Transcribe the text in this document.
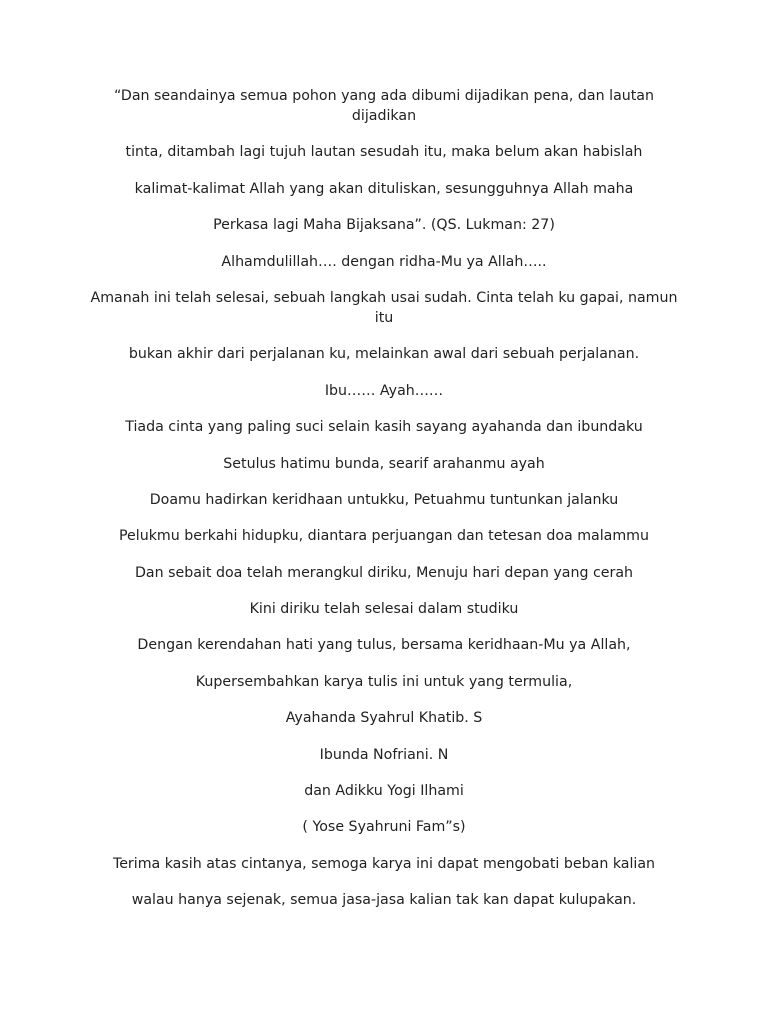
“Dan seandainya semua pohon yang ada dibumi dijadikan pena, dan lautan dijadikan

tinta, ditambah lagi tujuh lautan sesudah itu, maka belum akan habislah

kalimat-kalimat Allah yang akan dituliskan, sesungguhnya Allah maha

Perkasa lagi Maha Bijaksana”. (QS. Lukman: 27)

Alhamdulillah…. dengan ridha-Mu ya Allah…..

Amanah ini telah selesai, sebuah langkah usai sudah. Cinta telah ku gapai, namun itu

bukan akhir dari perjalanan ku, melainkan awal dari sebuah perjalanan.

Ibu…… Ayah……

Tiada cinta yang paling suci selain kasih sayang ayahanda dan ibundaku

Setulus hatimu bunda, searif arahanmu ayah

Doamu hadirkan keridhaan untukku, Petuahmu tuntunkan jalanku

Pelukmu berkahi hidupku, diantara perjuangan dan tetesan doa malammu

Dan sebait doa telah merangkul diriku, Menuju hari depan yang cerah

Kini diriku telah selesai dalam studiku

Dengan kerendahan hati yang tulus, bersama keridhaan-Mu ya Allah,

Kupersembahkan karya tulis ini untuk yang termulia,

Ayahanda Syahrul Khatib. S

Ibunda Nofriani. N

dan Adikku Yogi Ilhami

( Yose Syahruni Fam”s)

Terima kasih atas cintanya, semoga karya ini dapat mengobati beban kalian

walau hanya sejenak, semua jasa-jasa kalian tak kan dapat kulupakan.
